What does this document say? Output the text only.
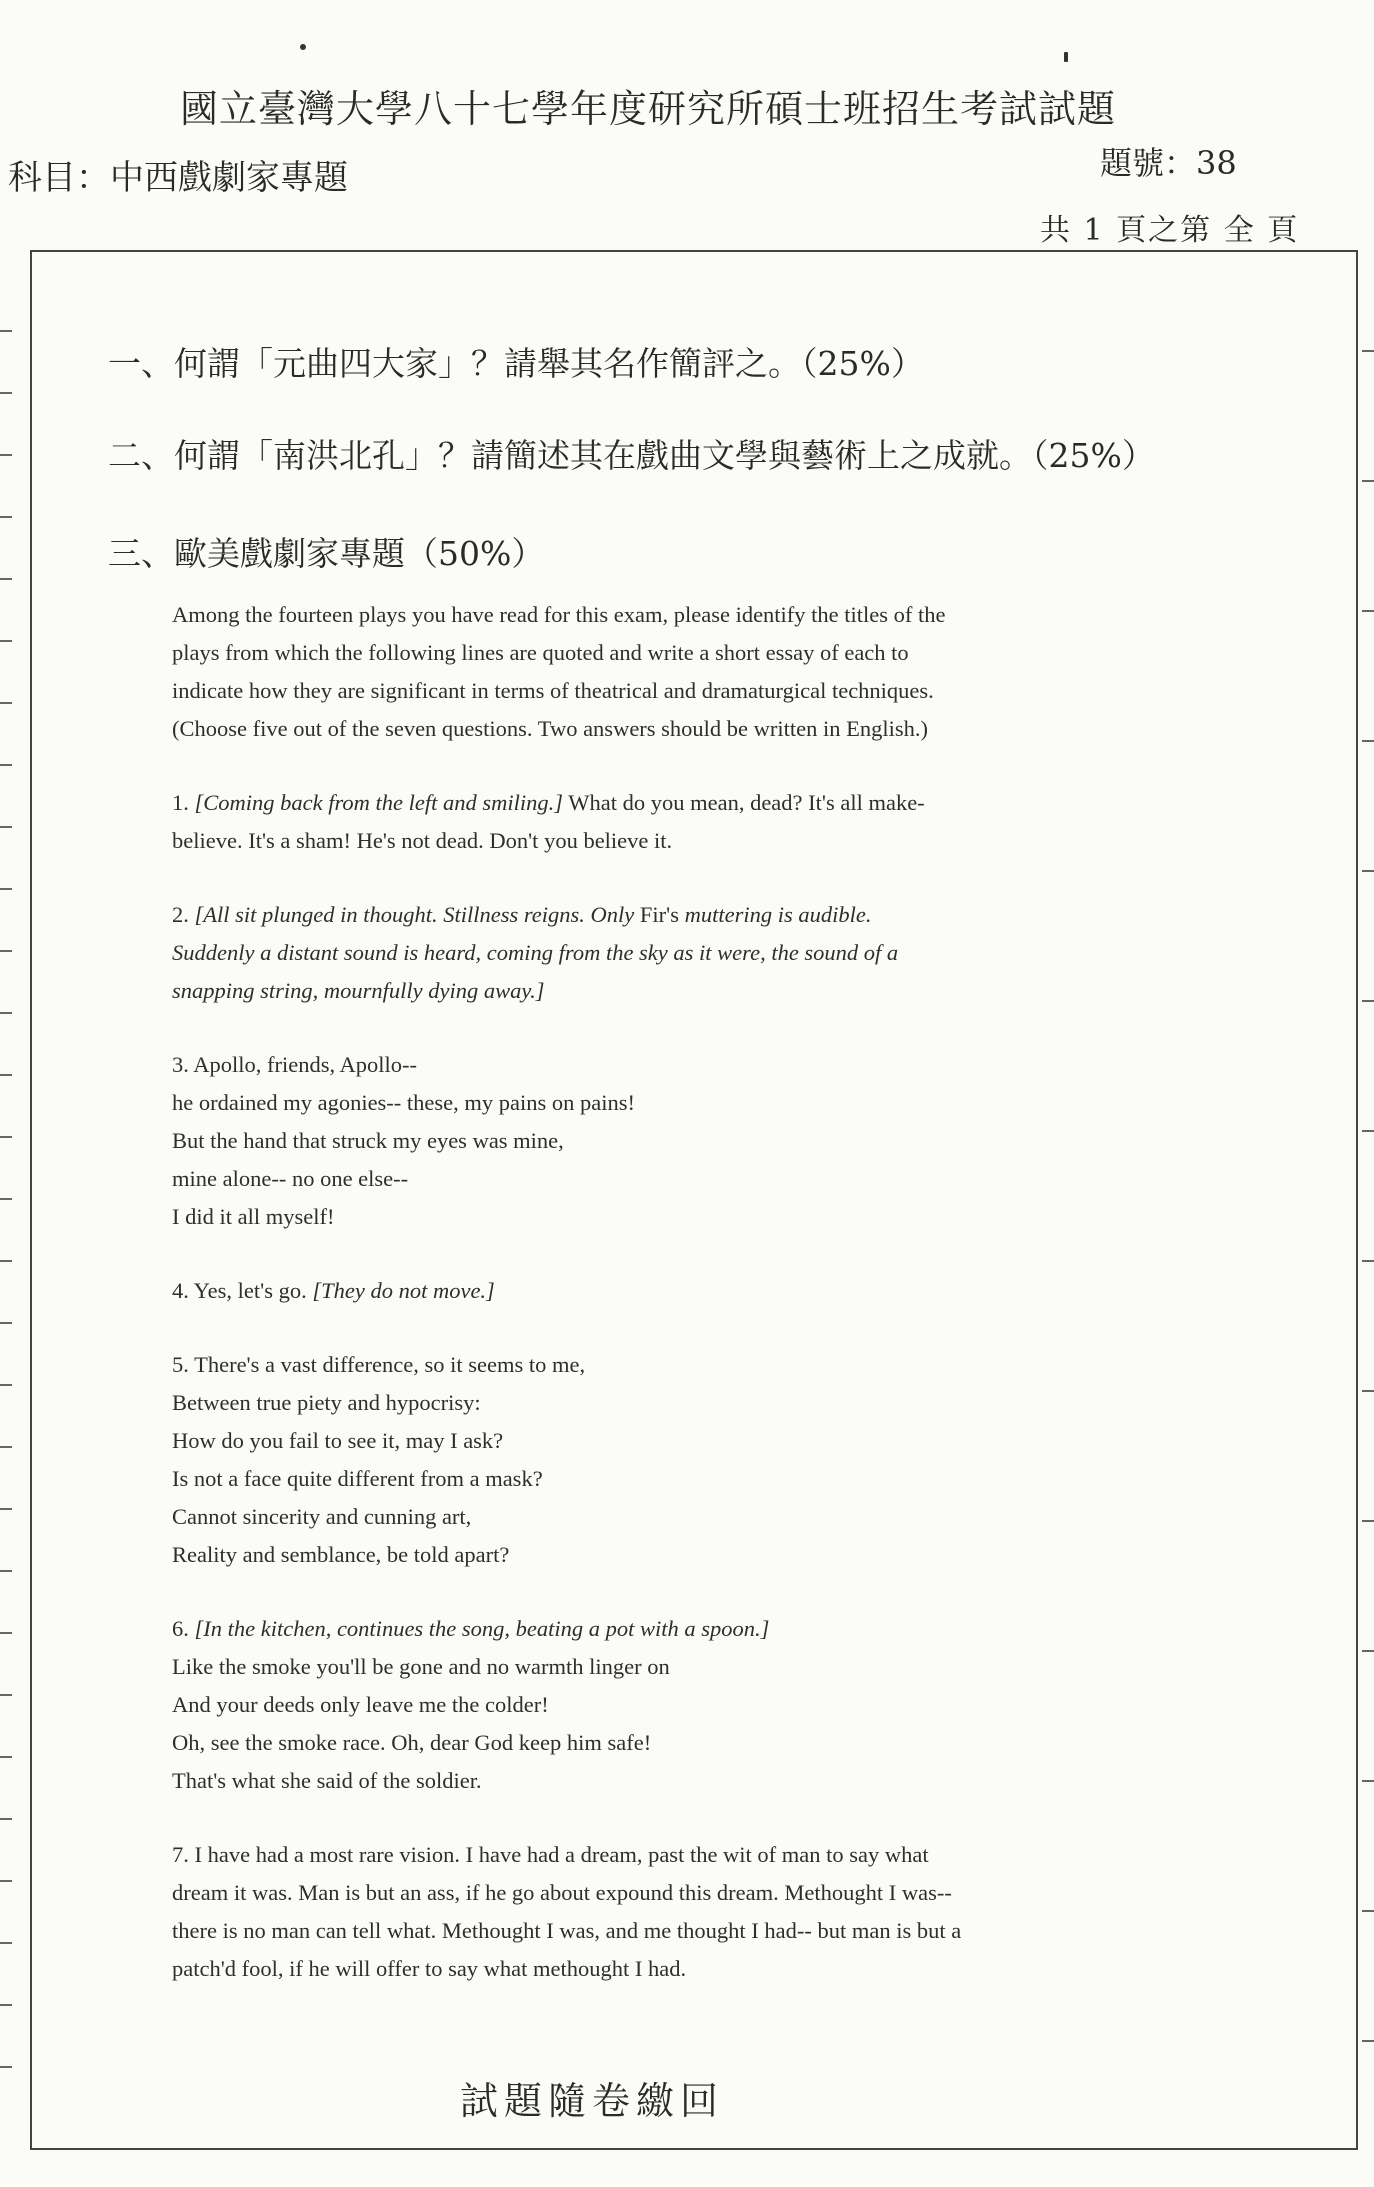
國立臺灣大學八十七學年度研究所碩士班招生考試試題
科目：中西戲劇家專題	題號：38
共 1 頁之第 全 頁
一、何謂「元曲四大家」？請舉其名作簡評之。（25%）
二、何謂「南洪北孔」？請簡述其在戲曲文學與藝術上之成就。（25%）
三、歐美戲劇家專題（50%）

Among the fourteen plays you have read for this exam, please identify the titles of the
plays from which the following lines are quoted and write a short essay of each to
indicate how they are significant in terms of theatrical and dramaturgical techniques.
(Choose five out of the seven questions. Two answers should be written in English.)

1. [Coming back from the left and smiling.] What do you mean, dead? It's all make-
believe. It's a sham! He's not dead. Don't you believe it.

2. [All sit plunged in thought. Stillness reigns. Only Fir's muttering is audible.
Suddenly a distant sound is heard, coming from the sky as it were, the sound of a
snapping string, mournfully dying away.]

3. Apollo, friends, Apollo--
he ordained my agonies-- these, my pains on pains!
But the hand that struck my eyes was mine,
mine alone-- no one else--
I did it all myself!

4. Yes, let's go. [They do not move.]

5. There's a vast difference, so it seems to me,
Between true piety and hypocrisy:
How do you fail to see it, may I ask?
Is not a face quite different from a mask?
Cannot sincerity and cunning art,
Reality and semblance, be told apart?

6. [In the kitchen, continues the song, beating a pot with a spoon.]
Like the smoke you'll be gone and no warmth linger on
And your deeds only leave me the colder!
Oh, see the smoke race. Oh, dear God keep him safe!
That's what she said of the soldier.

7. I have had a most rare vision. I have had a dream, past the wit of man to say what
dream it was. Man is but an ass, if he go about expound this dream. Methought I was--
there is no man can tell what. Methought I was, and me thought I had-- but man is but a
patch'd fool, if he will offer to say what methought I had.

試題隨卷繳回
